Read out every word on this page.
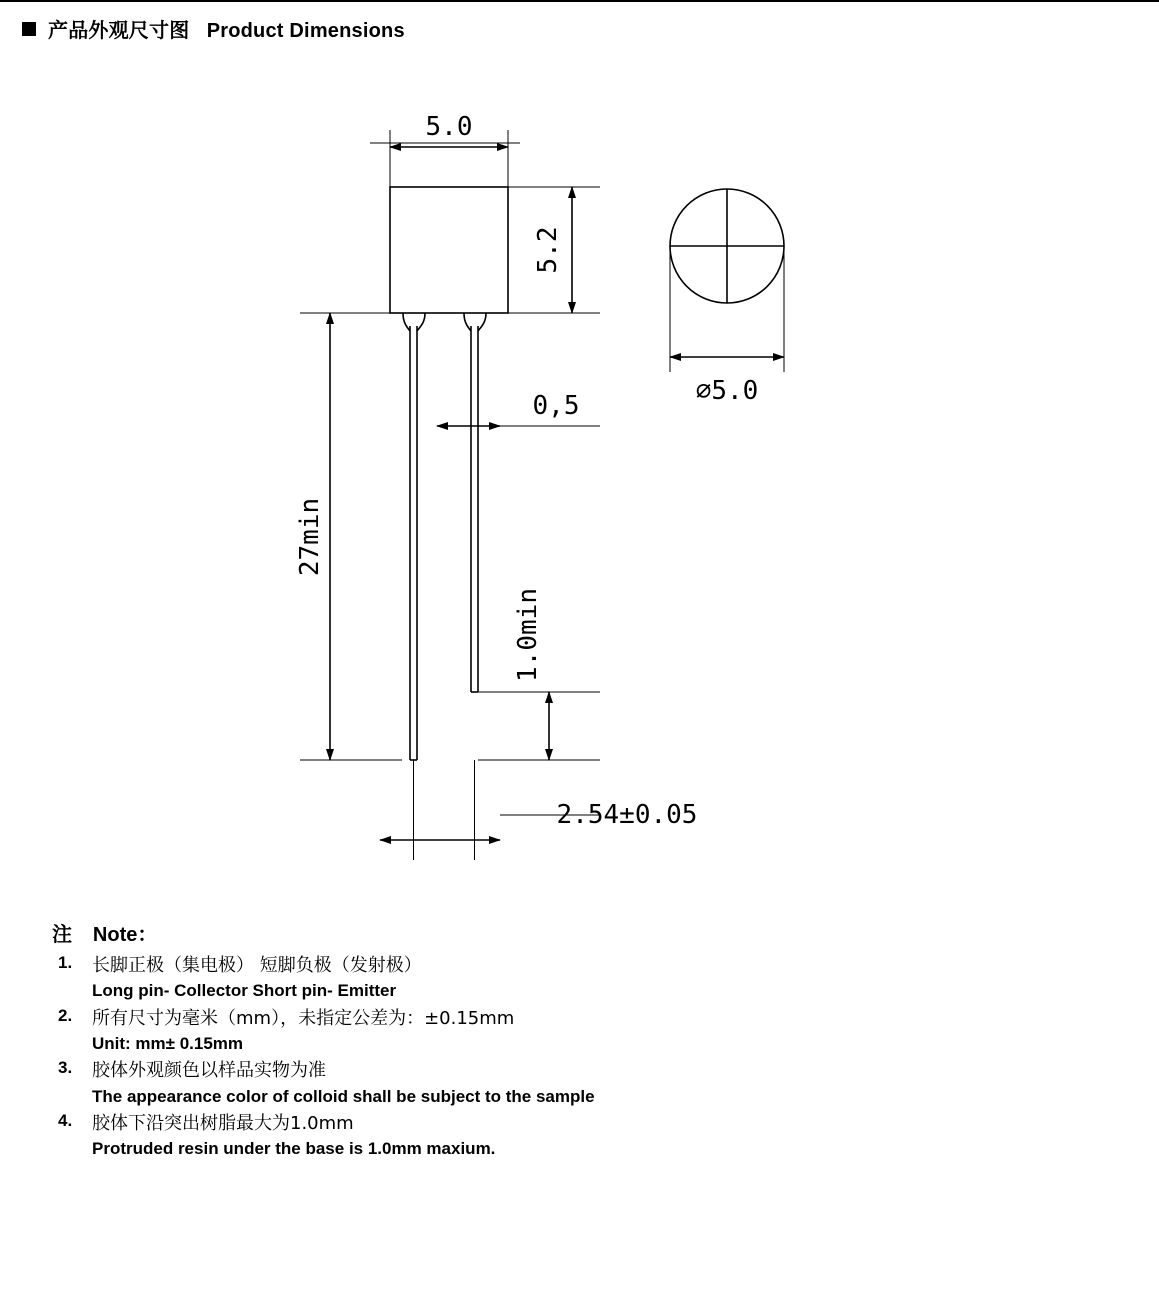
产品外观尺寸图 Product Dimensions
5.0
5.2
⌀5.0
0,5
27min
1.0min
2.54±0.05
注 Note：
1. 长脚正极（集电极） 短脚负极（发射极）
Long pin- Collector Short pin- Emitter
2. 所有尺寸为毫米（mm），未指定公差为：±0.15mm
Unit: mm± 0.15mm
3. 胶体外观颜色以样品实物为准
The appearance color of colloid shall be subject to the sample
4. 胶体下沿突出树脂最大为1.0mm
Protruded resin under the base is 1.0mm maxium.
